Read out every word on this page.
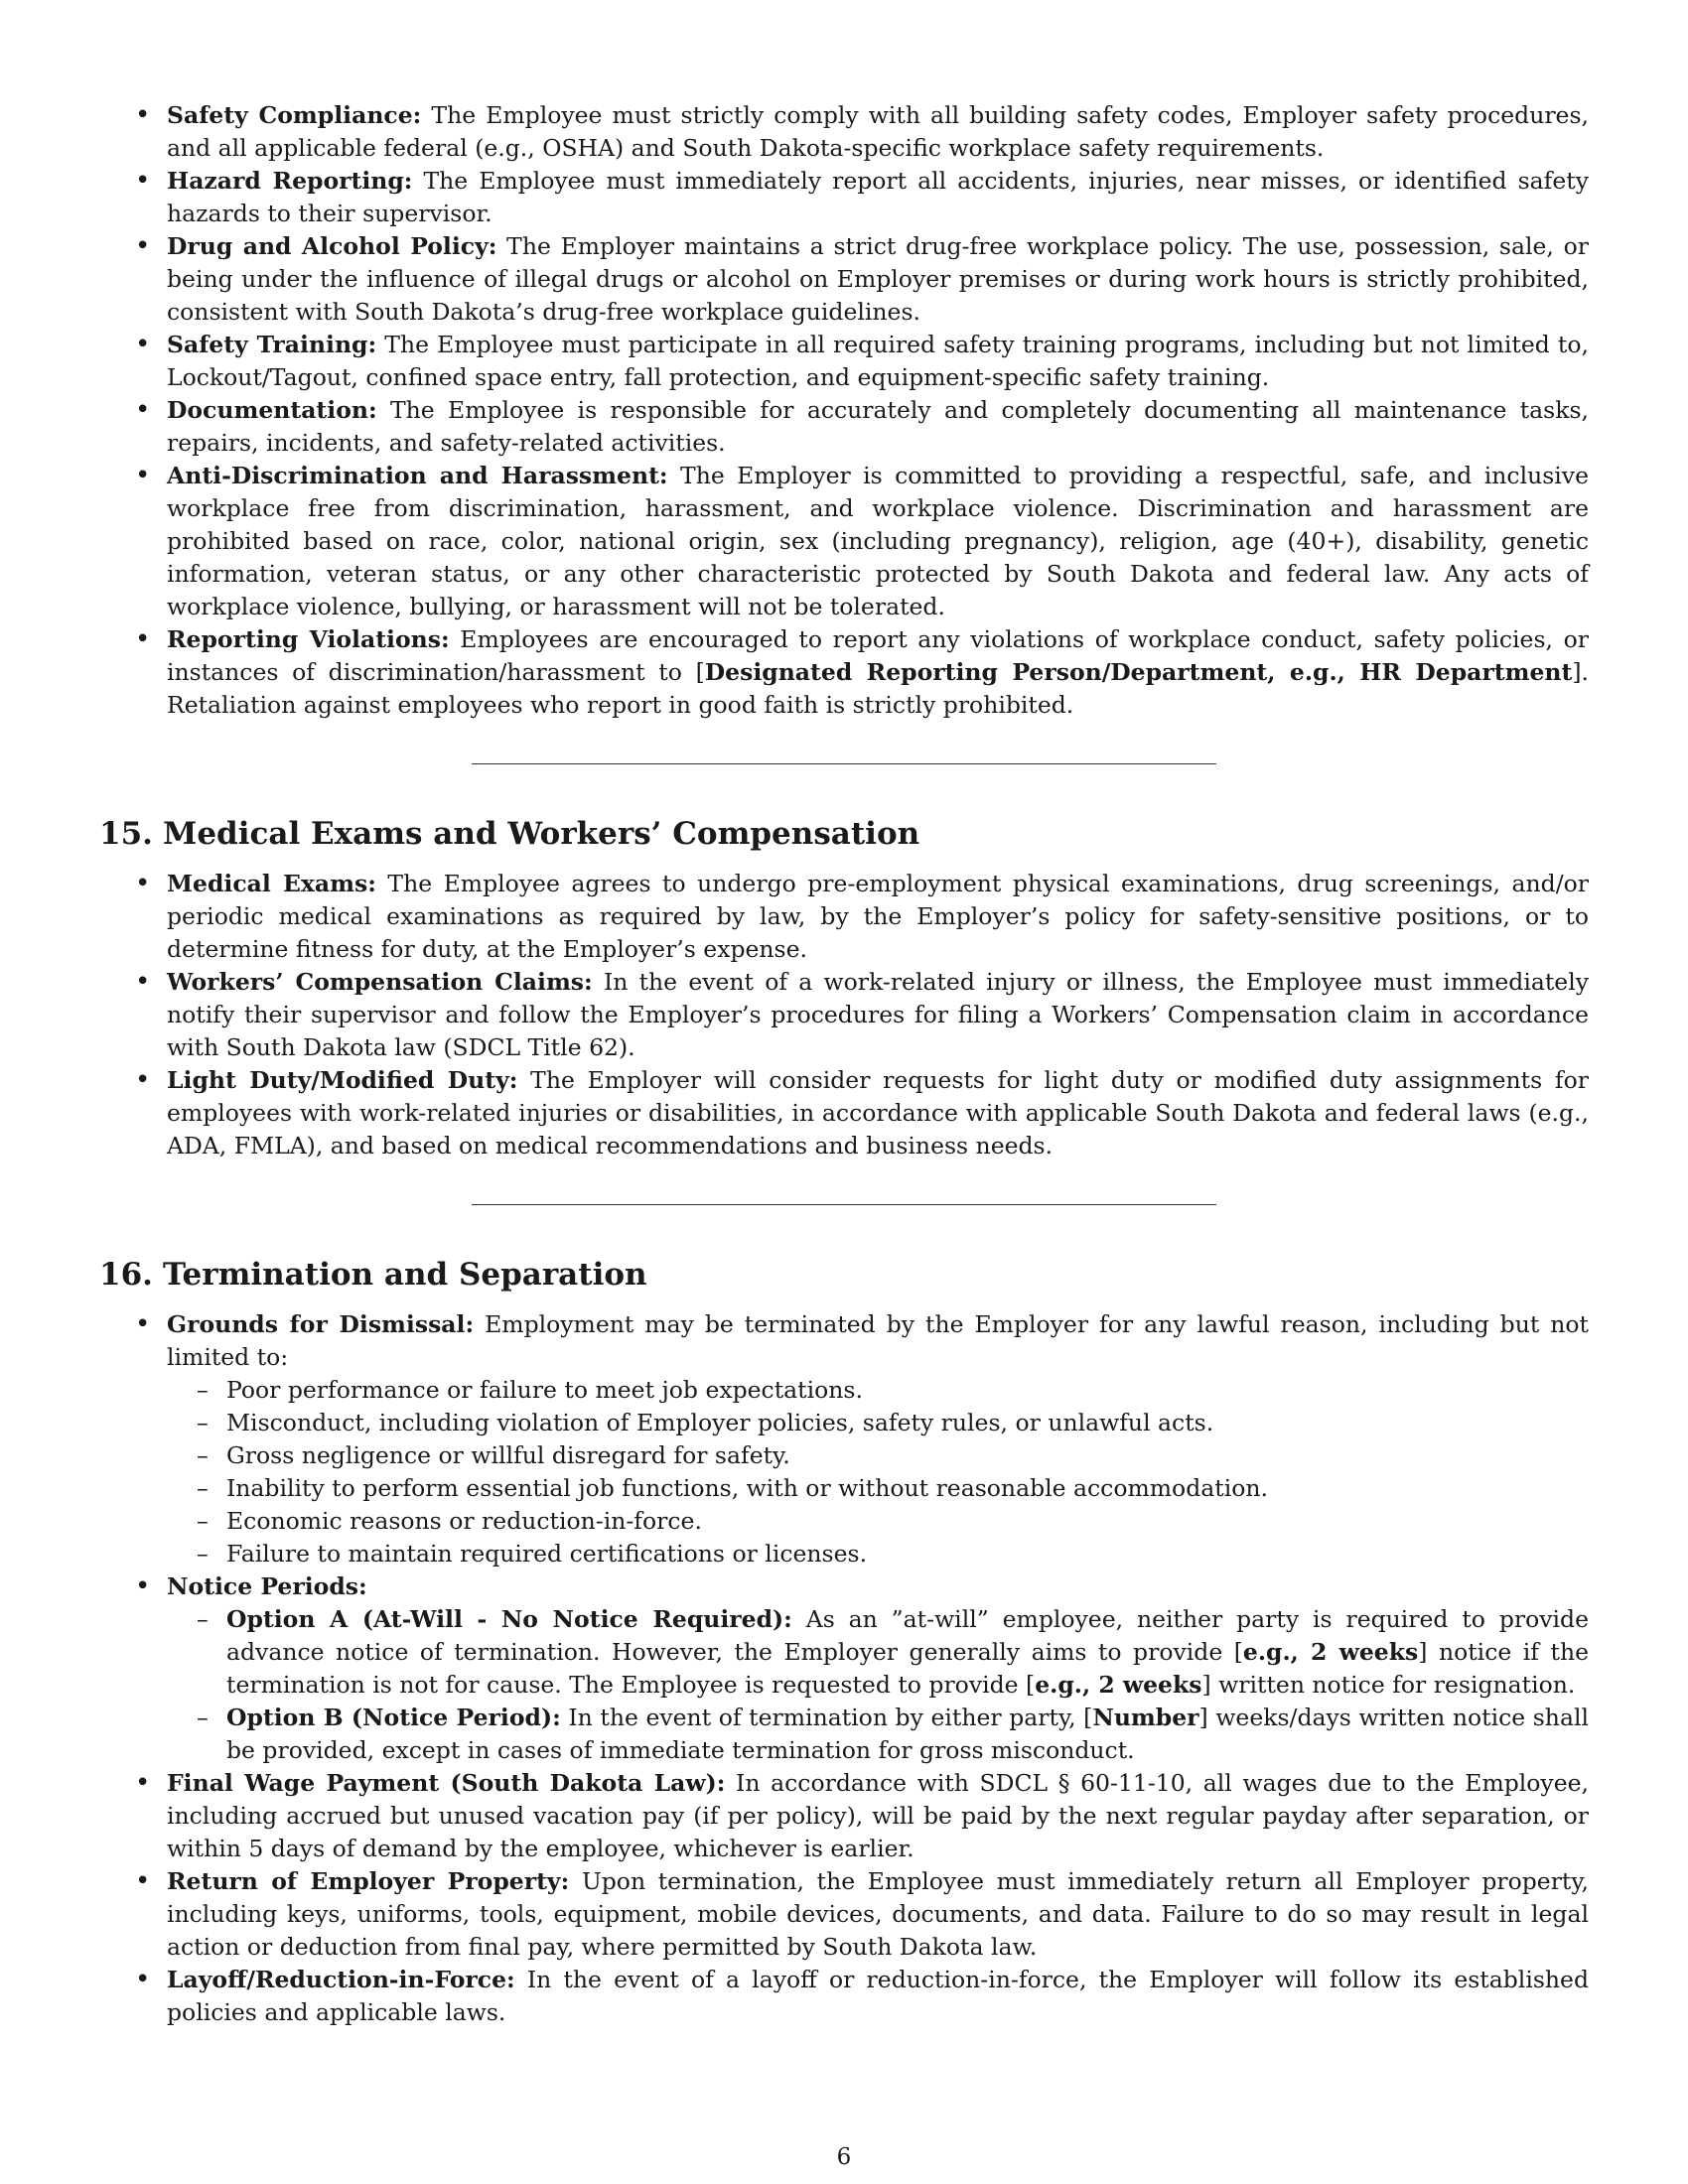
• Safety Compliance: The Employee must strictly comply with all building safety codes, Employer safety procedures, and all applicable federal (e.g., OSHA) and South Dakota-specific workplace safety requirements.
• Hazard Reporting: The Employee must immediately report all accidents, injuries, near misses, or identified safety hazards to their supervisor.
• Drug and Alcohol Policy: The Employer maintains a strict drug-free workplace policy. The use, possession, sale, or being under the influence of illegal drugs or alcohol on Employer premises or during work hours is strictly prohibited, consistent with South Dakota’s drug-free workplace guidelines.
• Safety Training: The Employee must participate in all required safety training programs, including but not limited to, Lockout/Tagout, confined space entry, fall protection, and equipment-specific safety training.
• Documentation: The Employee is responsible for accurately and completely documenting all maintenance tasks, repairs, incidents, and safety-related activities.
• Anti-Discrimination and Harassment: The Employer is committed to providing a respectful, safe, and inclusive workplace free from discrimination, harassment, and workplace violence. Discrimination and harassment are prohibited based on race, color, national origin, sex (including pregnancy), religion, age (40+), disability, genetic information, veteran status, or any other characteristic protected by South Dakota and federal law. Any acts of workplace violence, bullying, or harassment will not be tolerated.
• Reporting Violations: Employees are encouraged to report any violations of workplace conduct, safety policies, or instances of discrimination/harassment to [Designated Reporting Person/Department, e.g., HR Department]. Retaliation against employees who report in good faith is strictly prohibited.
15. Medical Exams and Workers’ Compensation
• Medical Exams: The Employee agrees to undergo pre-employment physical examinations, drug screenings, and/or periodic medical examinations as required by law, by the Employer’s policy for safety-sensitive positions, or to determine fitness for duty, at the Employer’s expense.
• Workers’ Compensation Claims: In the event of a work-related injury or illness, the Employee must immediately notify their supervisor and follow the Employer’s procedures for filing a Workers’ Compensation claim in accordance with South Dakota law (SDCL Title 62).
• Light Duty/Modified Duty: The Employer will consider requests for light duty or modified duty assignments for employees with work-related injuries or disabilities, in accordance with applicable South Dakota and federal laws (e.g., ADA, FMLA), and based on medical recommendations and business needs.
16. Termination and Separation
• Grounds for Dismissal: Employment may be terminated by the Employer for any lawful reason, including but not limited to:
– Poor performance or failure to meet job expectations.
– Misconduct, including violation of Employer policies, safety rules, or unlawful acts.
– Gross negligence or willful disregard for safety.
– Inability to perform essential job functions, with or without reasonable accommodation.
– Economic reasons or reduction-in-force.
– Failure to maintain required certifications or licenses.
• Notice Periods:
– Option A (At-Will - No Notice Required): As an ”at-will” employee, neither party is required to provide advance notice of termination. However, the Employer generally aims to provide [e.g., 2 weeks] notice if the termination is not for cause. The Employee is requested to provide [e.g., 2 weeks] written notice for resignation.
– Option B (Notice Period): In the event of termination by either party, [Number] weeks/days written notice shall be provided, except in cases of immediate termination for gross misconduct.
• Final Wage Payment (South Dakota Law): In accordance with SDCL § 60-11-10, all wages due to the Employee, including accrued but unused vacation pay (if per policy), will be paid by the next regular payday after separation, or within 5 days of demand by the employee, whichever is earlier.
• Return of Employer Property: Upon termination, the Employee must immediately return all Employer property, including keys, uniforms, tools, equipment, mobile devices, documents, and data. Failure to do so may result in legal action or deduction from final pay, where permitted by South Dakota law.
• Layoff/Reduction-in-Force: In the event of a layoff or reduction-in-force, the Employer will follow its established policies and applicable laws.
6
